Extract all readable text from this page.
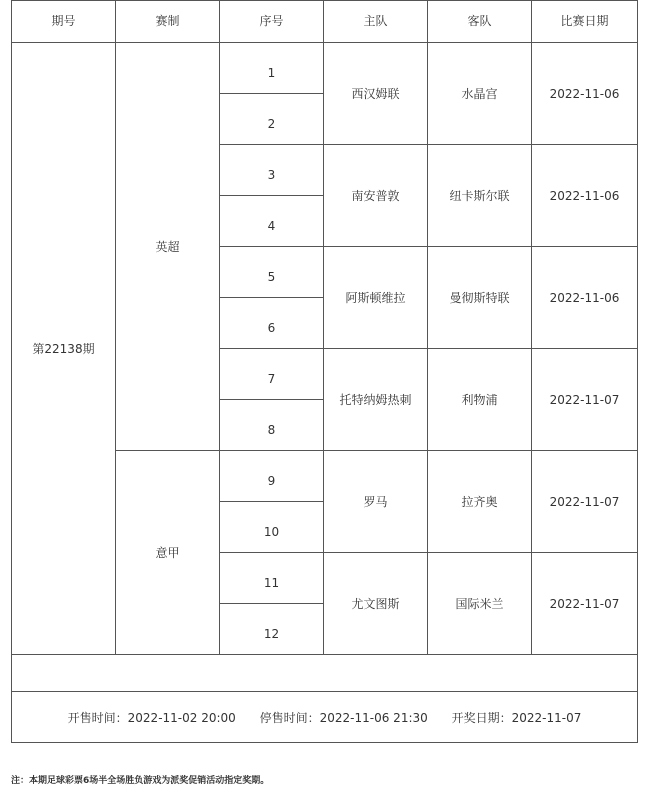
期号	赛制	序号	主队	客队	比赛日期
第22138期	英超	1	西汉姆联	水晶宫	2022-11-06

		2			

		3	南安普敦	纽卡斯尔联	2022-11-06

		4			

		5	阿斯顿维拉	曼彻斯特联	2022-11-06

		6			

		7	托特纳姆热刺	利物浦	2022-11-07

		8			

	意甲	9	罗马	拉齐奥	2022-11-07

		10			

		11	尤文图斯	国际米兰	2022-11-07

		12			

开售时间：2022-11-02 20:00 停售时间：2022-11-06 21:30 开奖日期：2022-11-07					
注：本期足球彩票6场半全场胜负游戏为派奖促销活动指定奖期。
